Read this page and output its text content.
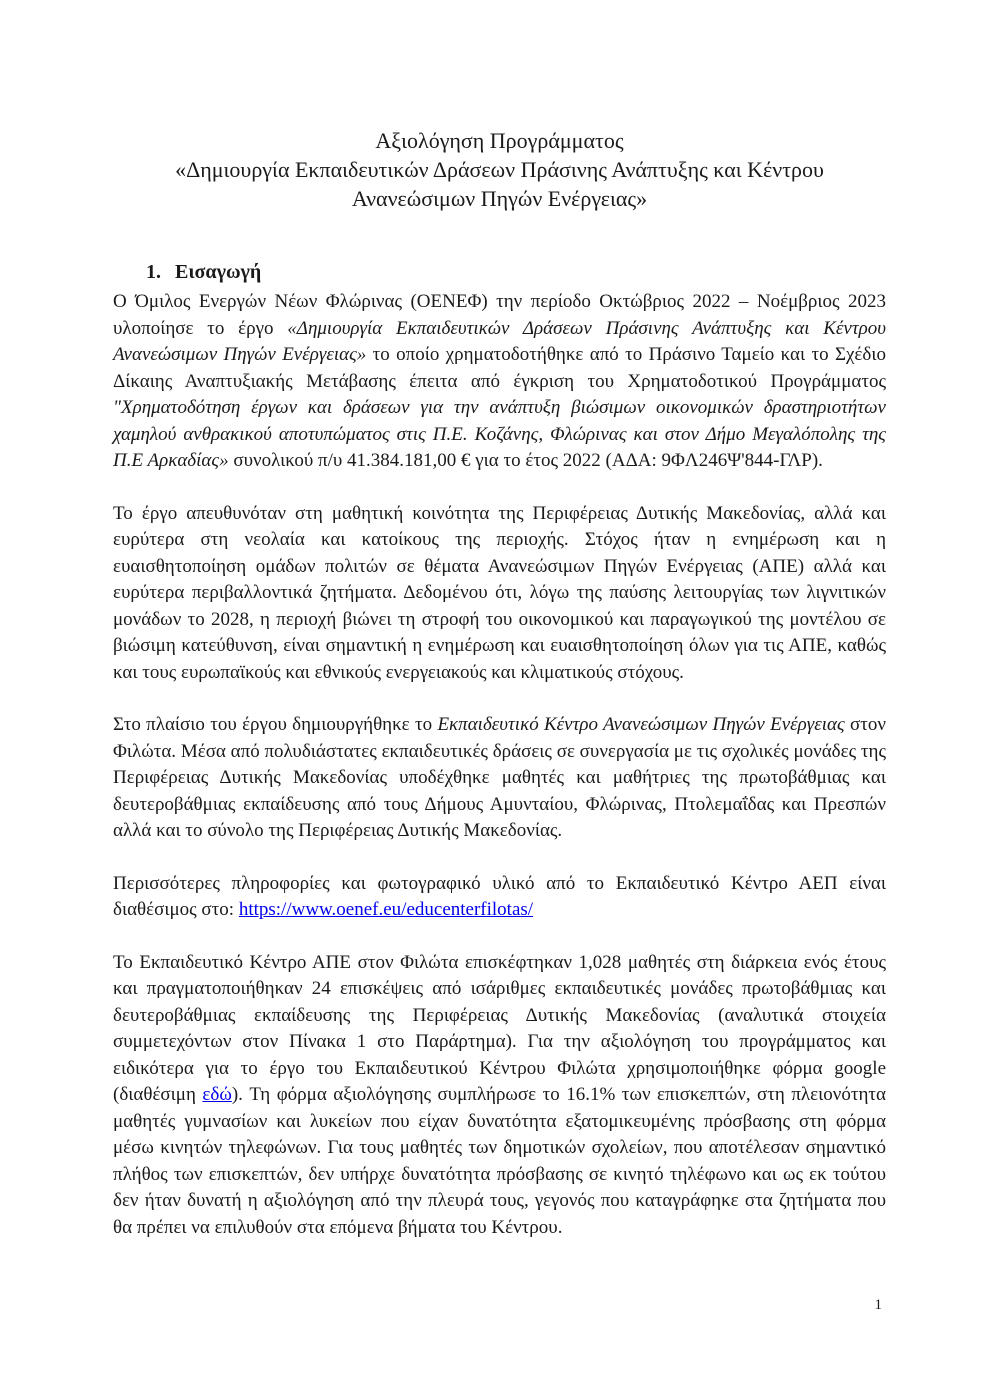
Αξιολόγηση Προγράμματος
«Δημιουργία Εκπαιδευτικών Δράσεων Πράσινης Ανάπτυξης και Κέντρου
Ανανεώσιμων Πηγών Ενέργειας»
1. Εισαγωγή

Ο Όμιλος Ενεργών Νέων Φλώρινας (ΟΕΝΕΦ) την περίοδο Οκτώβριος 2022 – Νοέμβριος 2023 υλοποίησε το έργο «Δημιουργία Εκπαιδευτικών Δράσεων Πράσινης Ανάπτυξης και Κέντρου Ανανεώσιμων Πηγών Ενέργειας» το οποίο χρηματοδοτήθηκε από το Πράσινο Ταμείο και το Σχέδιο Δίκαιης Αναπτυξιακής Μετάβασης έπειτα από έγκριση του Χρηματοδοτικού Προγράμματος "Χρηματοδότηση έργων και δράσεων για την ανάπτυξη βιώσιμων οικονομικών δραστηριοτήτων χαμηλού ανθρακικού αποτυπώματος στις Π.Ε. Κοζάνης, Φλώρινας και στον Δήμο Μεγαλόπολης της Π.Ε Αρκαδίας» συνολικού π/υ 41.384.181,00 € για το έτος 2022 (ΑΔΑ: 9ΦΛ246Ψ'844-ΓΛΡ).

Το έργο απευθυνόταν στη μαθητική κοινότητα της Περιφέρειας Δυτικής Μακεδονίας, αλλά και ευρύτερα στη νεολαία και κατοίκους της περιοχής. Στόχος ήταν η ενημέρωση και η ευαισθητοποίηση ομάδων πολιτών σε θέματα Ανανεώσιμων Πηγών Ενέργειας (ΑΠΕ) αλλά και ευρύτερα περιβαλλοντικά ζητήματα. Δεδομένου ότι, λόγω της παύσης λειτουργίας των λιγνιτικών μονάδων το 2028, η περιοχή βιώνει τη στροφή του οικονομικού και παραγωγικού της μοντέλου σε βιώσιμη κατεύθυνση, είναι σημαντική η ενημέρωση και ευαισθητοποίηση όλων για τις ΑΠΕ, καθώς και τους ευρωπαϊκούς και εθνικούς ενεργειακούς και κλιματικούς στόχους.

Στο πλαίσιο του έργου δημιουργήθηκε το Εκπαιδευτικό Κέντρο Ανανεώσιμων Πηγών Ενέργειας στον Φιλώτα. Μέσα από πολυδιάστατες εκπαιδευτικές δράσεις σε συνεργασία με τις σχολικές μονάδες της Περιφέρειας Δυτικής Μακεδονίας υποδέχθηκε μαθητές και μαθήτριες της πρωτοβάθμιας και δευτεροβάθμιας εκπαίδευσης από τους Δήμους Αμυνταίου, Φλώρινας, Πτολεμαΐδας και Πρεσπών αλλά και το σύνολο της Περιφέρειας Δυτικής Μακεδονίας.

Περισσότερες πληροφορίες και φωτογραφικό υλικό από το Εκπαιδευτικό Κέντρο ΑΕΠ είναι διαθέσιμος στο: https://www.oenef.eu/educenterfilotas/

Το Εκπαιδευτικό Κέντρο ΑΠΕ στον Φιλώτα επισκέφτηκαν 1,028 μαθητές στη διάρκεια ενός έτους και πραγματοποιήθηκαν 24 επισκέψεις από ισάριθμες εκπαιδευτικές μονάδες πρωτοβάθμιας και δευτεροβάθμιας εκπαίδευσης της Περιφέρειας Δυτικής Μακεδονίας (αναλυτικά στοιχεία συμμετεχόντων στον Πίνακα 1 στο Παράρτημα). Για την αξιολόγηση του προγράμματος και ειδικότερα για το έργο του Εκπαιδευτικού Κέντρου Φιλώτα χρησιμοποιήθηκε φόρμα google (διαθέσιμη εδώ). Τη φόρμα αξιολόγησης συμπλήρωσε το 16.1% των επισκεπτών, στη πλειονότητα μαθητές γυμνασίων και λυκείων που είχαν δυνατότητα εξατομικευμένης πρόσβασης στη φόρμα μέσω κινητών τηλεφώνων. Για τους μαθητές των δημοτικών σχολείων, που αποτέλεσαν σημαντικό πλήθος των επισκεπτών, δεν υπήρχε δυνατότητα πρόσβασης σε κινητό τηλέφωνο και ως εκ τούτου δεν ήταν δυνατή η αξιολόγηση από την πλευρά τους, γεγονός που καταγράφηκε στα ζητήματα που θα πρέπει να επιλυθούν στα επόμενα βήματα του Κέντρου.

1
